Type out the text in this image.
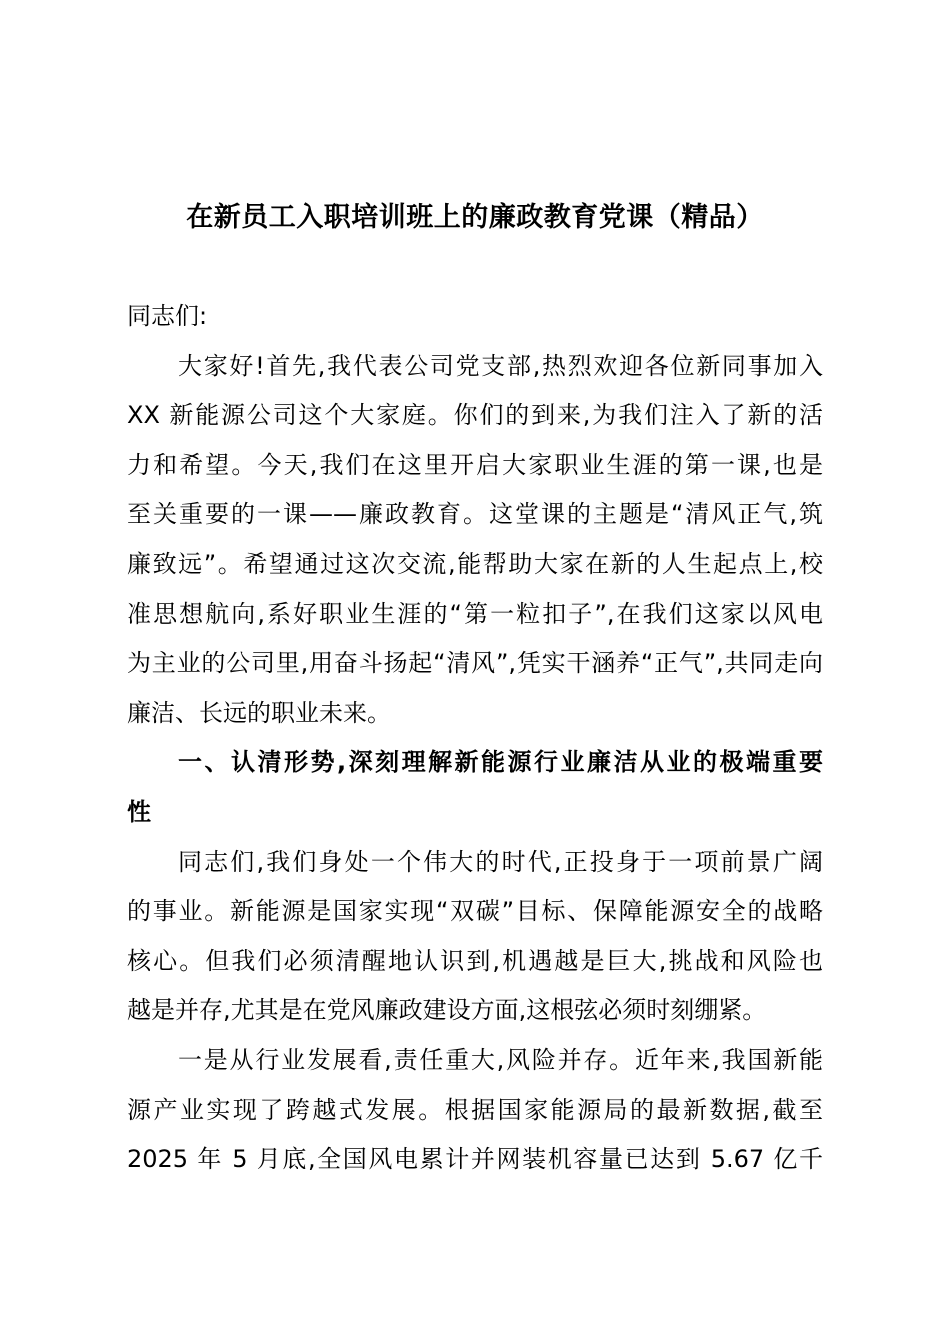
在新员工入职培训班上的廉政教育党课（精品）
同志们:
大家好!首先,我代表公司党支部,热烈欢迎各位新同事加入
XX 新能源公司这个大家庭。你们的到来,为我们注入了新的活
力和希望。今天,我们在这里开启大家职业生涯的第一课,也是
至关重要的一课——廉政教育。这堂课的主题是“清风正气,筑
廉致远”。希望通过这次交流,能帮助大家在新的人生起点上,校
准思想航向,系好职业生涯的“第一粒扣子”,在我们这家以风电
为主业的公司里,用奋斗扬起“清风”,凭实干涵养“正气”,共同走向
廉洁、长远的职业未来。
一、认清形势,深刻理解新能源行业廉洁从业的极端重要
性
同志们,我们身处一个伟大的时代,正投身于一项前景广阔
的事业。新能源是国家实现“双碳”目标、保障能源安全的战略
核心。但我们必须清醒地认识到,机遇越是巨大,挑战和风险也
越是并存,尤其是在党风廉政建设方面,这根弦必须时刻绷紧。
一是从行业发展看,责任重大,风险并存。近年来,我国新能
源产业实现了跨越式发展。根据国家能源局的最新数据,截至
2025 年 5 月底,全国风电累计并网装机容量已达到 5.67 亿千
